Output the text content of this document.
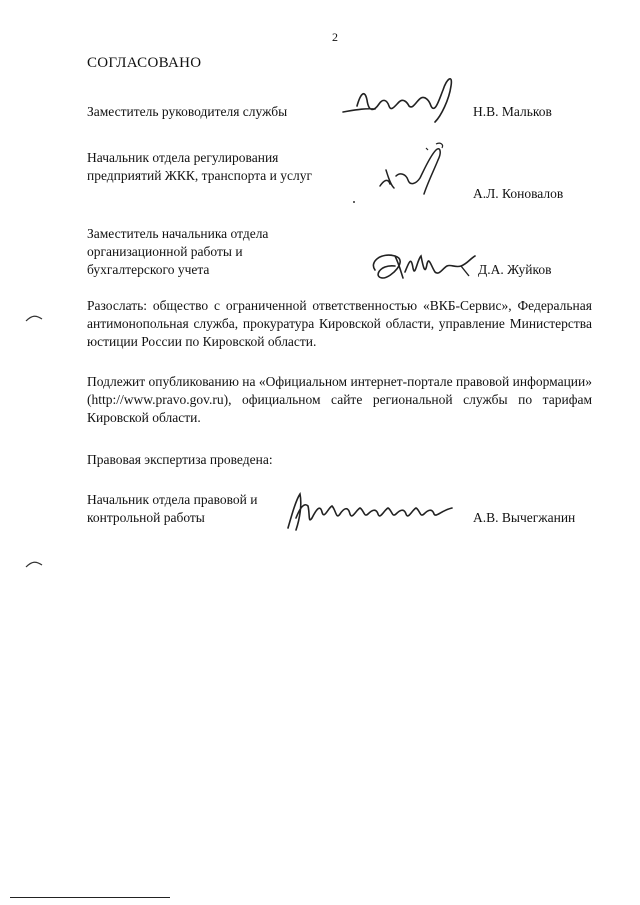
2
СОГЛАСОВАНО
Заместитель руководителя службы	Н.В. Мальков
Начальник отдела регулирования предприятий ЖКК, транспорта и услуг
А.Л. Коновалов
Заместитель начальника отдела организационной работы и бухгалтерского учета	Д.А. Жуйков
Разослать: общество с ограниченной ответственностью «ВКБ-Сервис», Федеральная антимонопольная служба, прокуратура Кировской области, управление Министерства юстиции России по Кировской области.
Подлежит опубликованию на «Официальном интернет-портале правовой информации» (http://www.pravo.gov.ru), официальном сайте региональной службы по тарифам Кировской области.
Правовая экспертиза проведена:
Начальник отдела правовой и контрольной работы	А.В. Вычегжанин
